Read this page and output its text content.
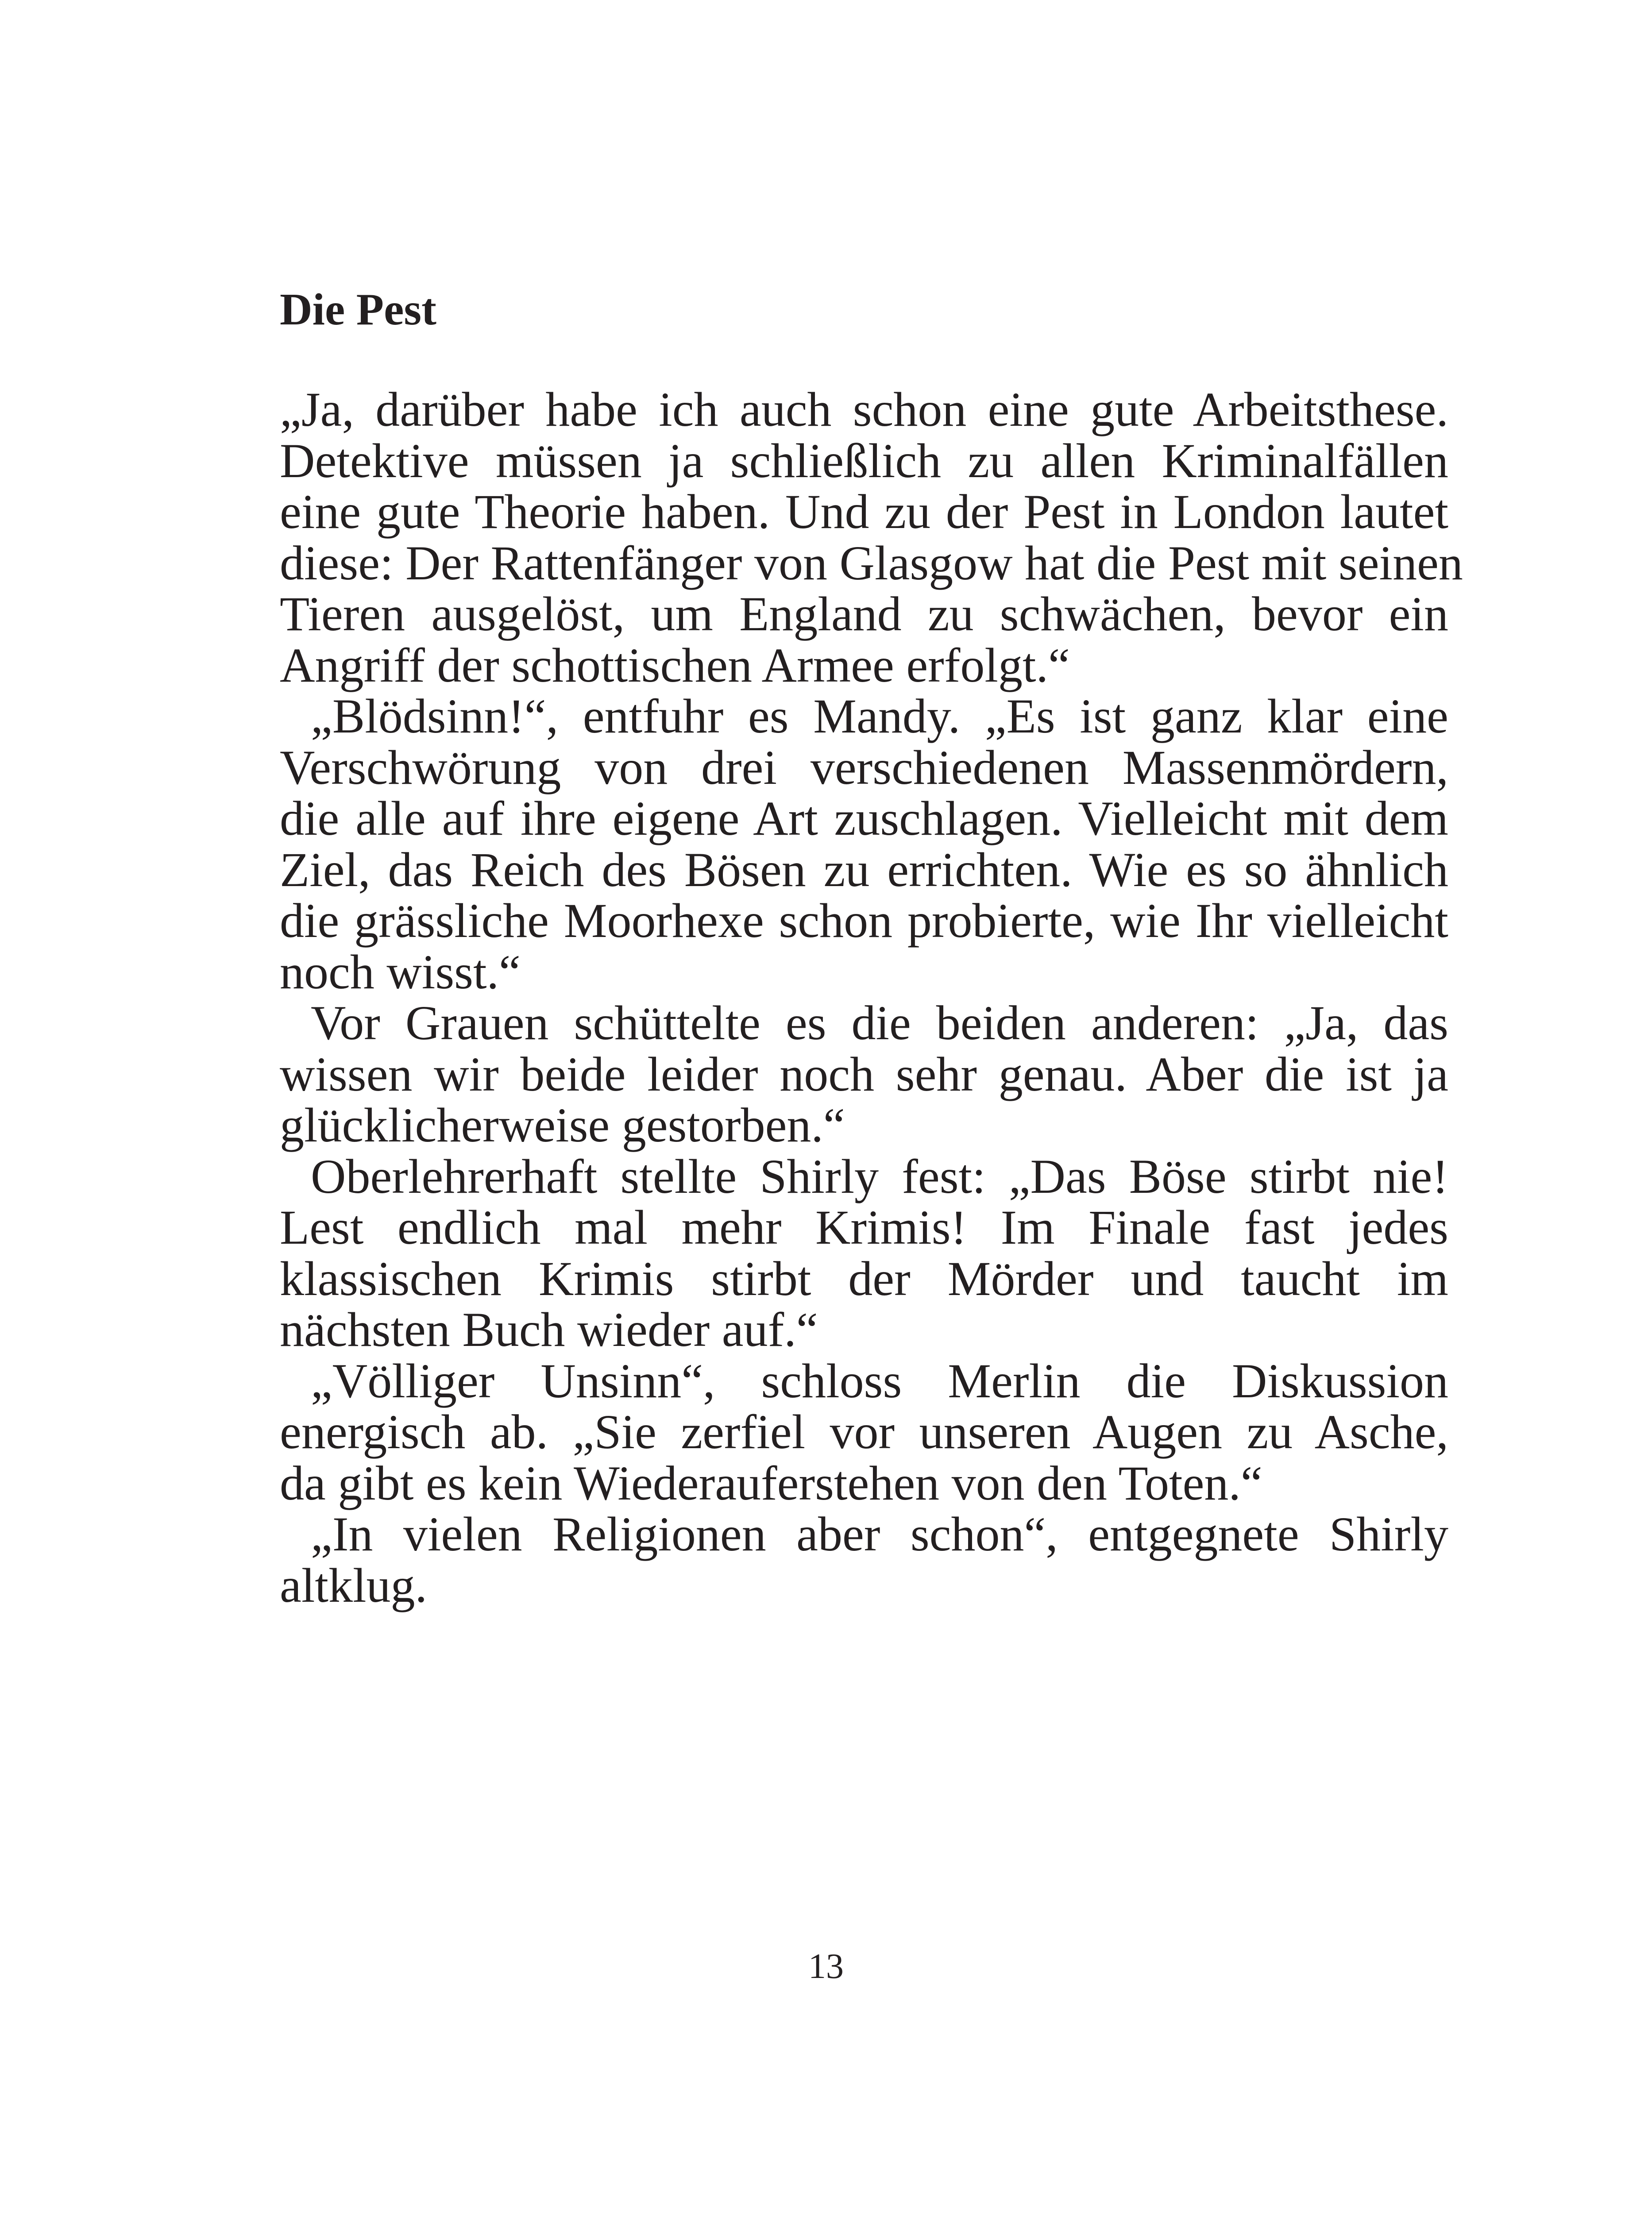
Die Pest
„Ja, darüber habe ich auch schon eine gute Arbeitsthese.
Detektive müssen ja schließlich zu allen Kriminalfällen
eine gute Theorie haben. Und zu der Pest in London lautet
diese: Der Rattenfänger von Glasgow hat die Pest mit seinen
Tieren ausgelöst, um England zu schwächen, bevor ein
Angriff der schottischen Armee erfolgt.“
„Blödsinn!“, entfuhr es Mandy. „Es ist ganz klar eine
Verschwörung von drei verschiedenen Massenmördern,
die alle auf ihre eigene Art zuschlagen. Vielleicht mit dem
Ziel, das Reich des Bösen zu errichten. Wie es so ähnlich
die grässliche Moorhexe schon probierte, wie Ihr vielleicht
noch wisst.“
Vor Grauen schüttelte es die beiden anderen: „Ja, das
wissen wir beide leider noch sehr genau. Aber die ist ja
glücklicherweise gestorben.“
Oberlehrerhaft stellte Shirly fest: „Das Böse stirbt nie!
Lest endlich mal mehr Krimis! Im Finale fast jedes
klassischen Krimis stirbt der Mörder und taucht im
nächsten Buch wieder auf.“
„Völliger Unsinn“, schloss Merlin die Diskussion
energisch ab. „Sie zerfiel vor unseren Augen zu Asche,
da gibt es kein Wiederauferstehen von den Toten.“
„In vielen Religionen aber schon“, entgegnete Shirly
altklug.
13
